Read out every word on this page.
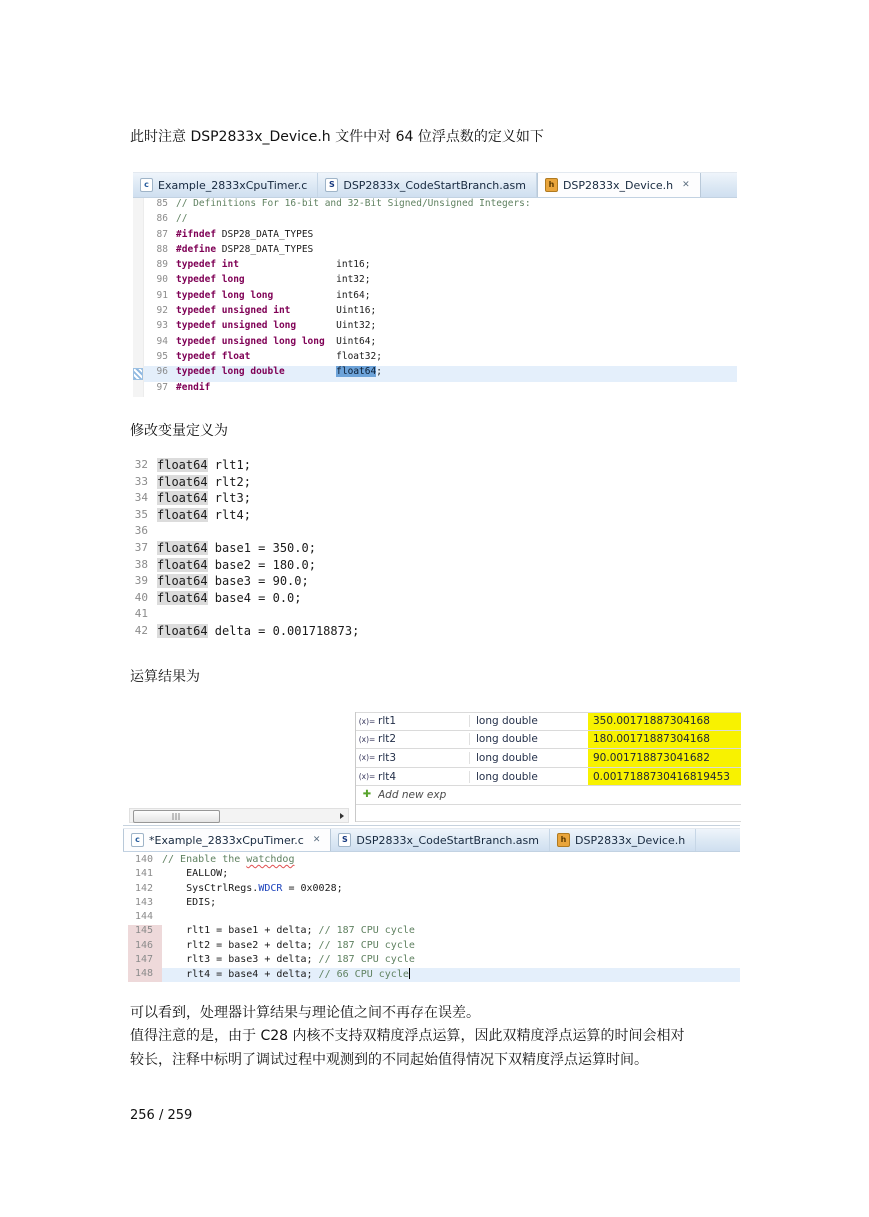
此时注意 DSP2833x_Device.h 文件中对 64 位浮点数的定义如下
c Example_2833xCpuTimer.c	S DSP2833x_CodeStartBranch.asm	h DSP2833x_Device.h ✕
85 // Definitions For 16-bit and 32-Bit Signed/Unsigned Integers:
86 //
87 #ifndef DSP28_DATA_TYPES
88 #define DSP28_DATA_TYPES
89 typedef int                 int16;
90 typedef long                int32;
91 typedef long long           int64;
92 typedef unsigned int        Uint16;
93 typedef unsigned long       Uint32;
94 typedef unsigned long long  Uint64;
95 typedef float               float32;
96 typedef long double	float64;
97 #endif
修改变量定义为
32 float64 rlt1;
33 float64 rlt2;
34 float64 rlt3;
35 float64 rlt4;
36
37 float64 base1 = 350.0;
38 float64 base2 = 180.0;
39 float64 base3 = 90.0;
40 float64 base4 = 0.0;
41
42 float64 delta = 0.001718873;
运算结果为
(x)= rlt1	long double	350.00171887304168
(x)= rlt2	long double	180.00171887304168
(x)= rlt3	long double	90.001718873041682
(x)= rlt4	long double	0.0017188730416819453
✚ Add new exp
c *Example_2833xCpuTimer.c ✕	S DSP2833x_CodeStartBranch.asm	h DSP2833x_Device.h
140 // Enable the watchdog
141 EALLOW;
142 SysCtrlRegs.WDCR = 0x0028;
143 EDIS;
144
145 rlt1 = base1 + delta; // 187 CPU cycle
146 rlt2 = base2 + delta; // 187 CPU cycle
147 rlt3 = base3 + delta; // 187 CPU cycle
148 rlt4 = base4 + delta; // 66 CPU cycle
可以看到，处理器计算结果与理论值之间不再存在误差。
值得注意的是，由于 C28 内核不支持双精度浮点运算，因此双精度浮点运算的时间会相对
较长，注释中标明了调试过程中观测到的不同起始值得情况下双精度浮点运算时间。
256 / 259
